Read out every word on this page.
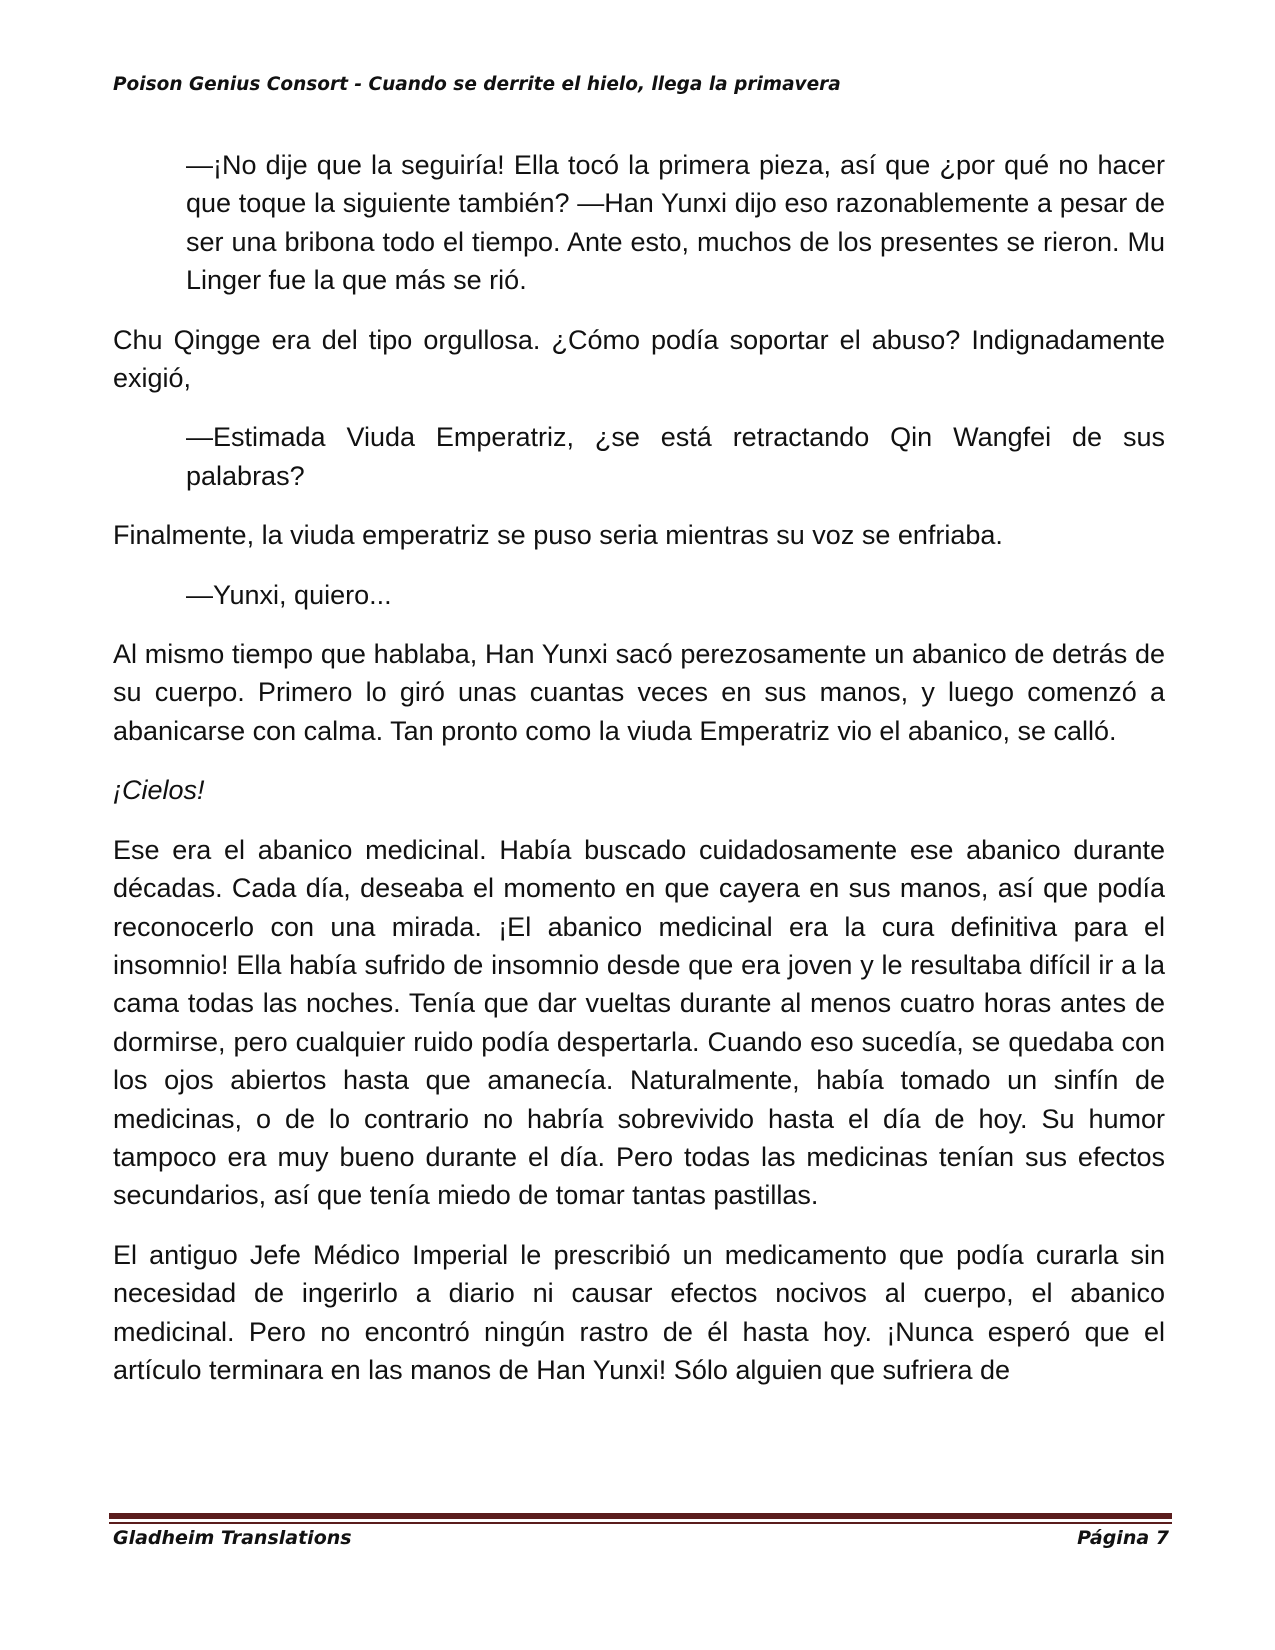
Poison Genius Consort - Cuando se derrite el hielo, llega la primavera

—¡No dije que la seguiría! Ella tocó la primera pieza, así que ¿por qué no hacer que toque la siguiente también? —Han Yunxi dijo eso razonablemente a pesar de ser una bribona todo el tiempo. Ante esto, muchos de los presentes se rieron. Mu Linger fue la que más se rió.

Chu Qingge era del tipo orgullosa. ¿Cómo podía soportar el abuso? Indignadamente exigió,

—Estimada Viuda Emperatriz, ¿se está retractando Qin Wangfei de sus palabras?

Finalmente, la viuda emperatriz se puso seria mientras su voz se enfriaba.

—Yunxi, quiero...

Al mismo tiempo que hablaba, Han Yunxi sacó perezosamente un abanico de detrás de su cuerpo. Primero lo giró unas cuantas veces en sus manos, y luego comenzó a abanicarse con calma. Tan pronto como la viuda Emperatriz vio el abanico, se calló.

¡Cielos!

Ese era el abanico medicinal. Había buscado cuidadosamente ese abanico durante décadas. Cada día, deseaba el momento en que cayera en sus manos, así que podía reconocerlo con una mirada. ¡El abanico medicinal era la cura definitiva para el insomnio! Ella había sufrido de insomnio desde que era joven y le resultaba difícil ir a la cama todas las noches. Tenía que dar vueltas durante al menos cuatro horas antes de dormirse, pero cualquier ruido podía despertarla. Cuando eso sucedía, se quedaba con los ojos abiertos hasta que amanecía. Naturalmente, había tomado un sinfín de medicinas, o de lo contrario no habría sobrevivido hasta el día de hoy. Su humor tampoco era muy bueno durante el día. Pero todas las medicinas tenían sus efectos secundarios, así que tenía miedo de tomar tantas pastillas.

El antiguo Jefe Médico Imperial le prescribió un medicamento que podía curarla sin necesidad de ingerirlo a diario ni causar efectos nocivos al cuerpo, el abanico medicinal. Pero no encontró ningún rastro de él hasta hoy. ¡Nunca esperó que el artículo terminara en las manos de Han Yunxi! Sólo alguien que sufriera de

Gladheim Translations	Página 7
